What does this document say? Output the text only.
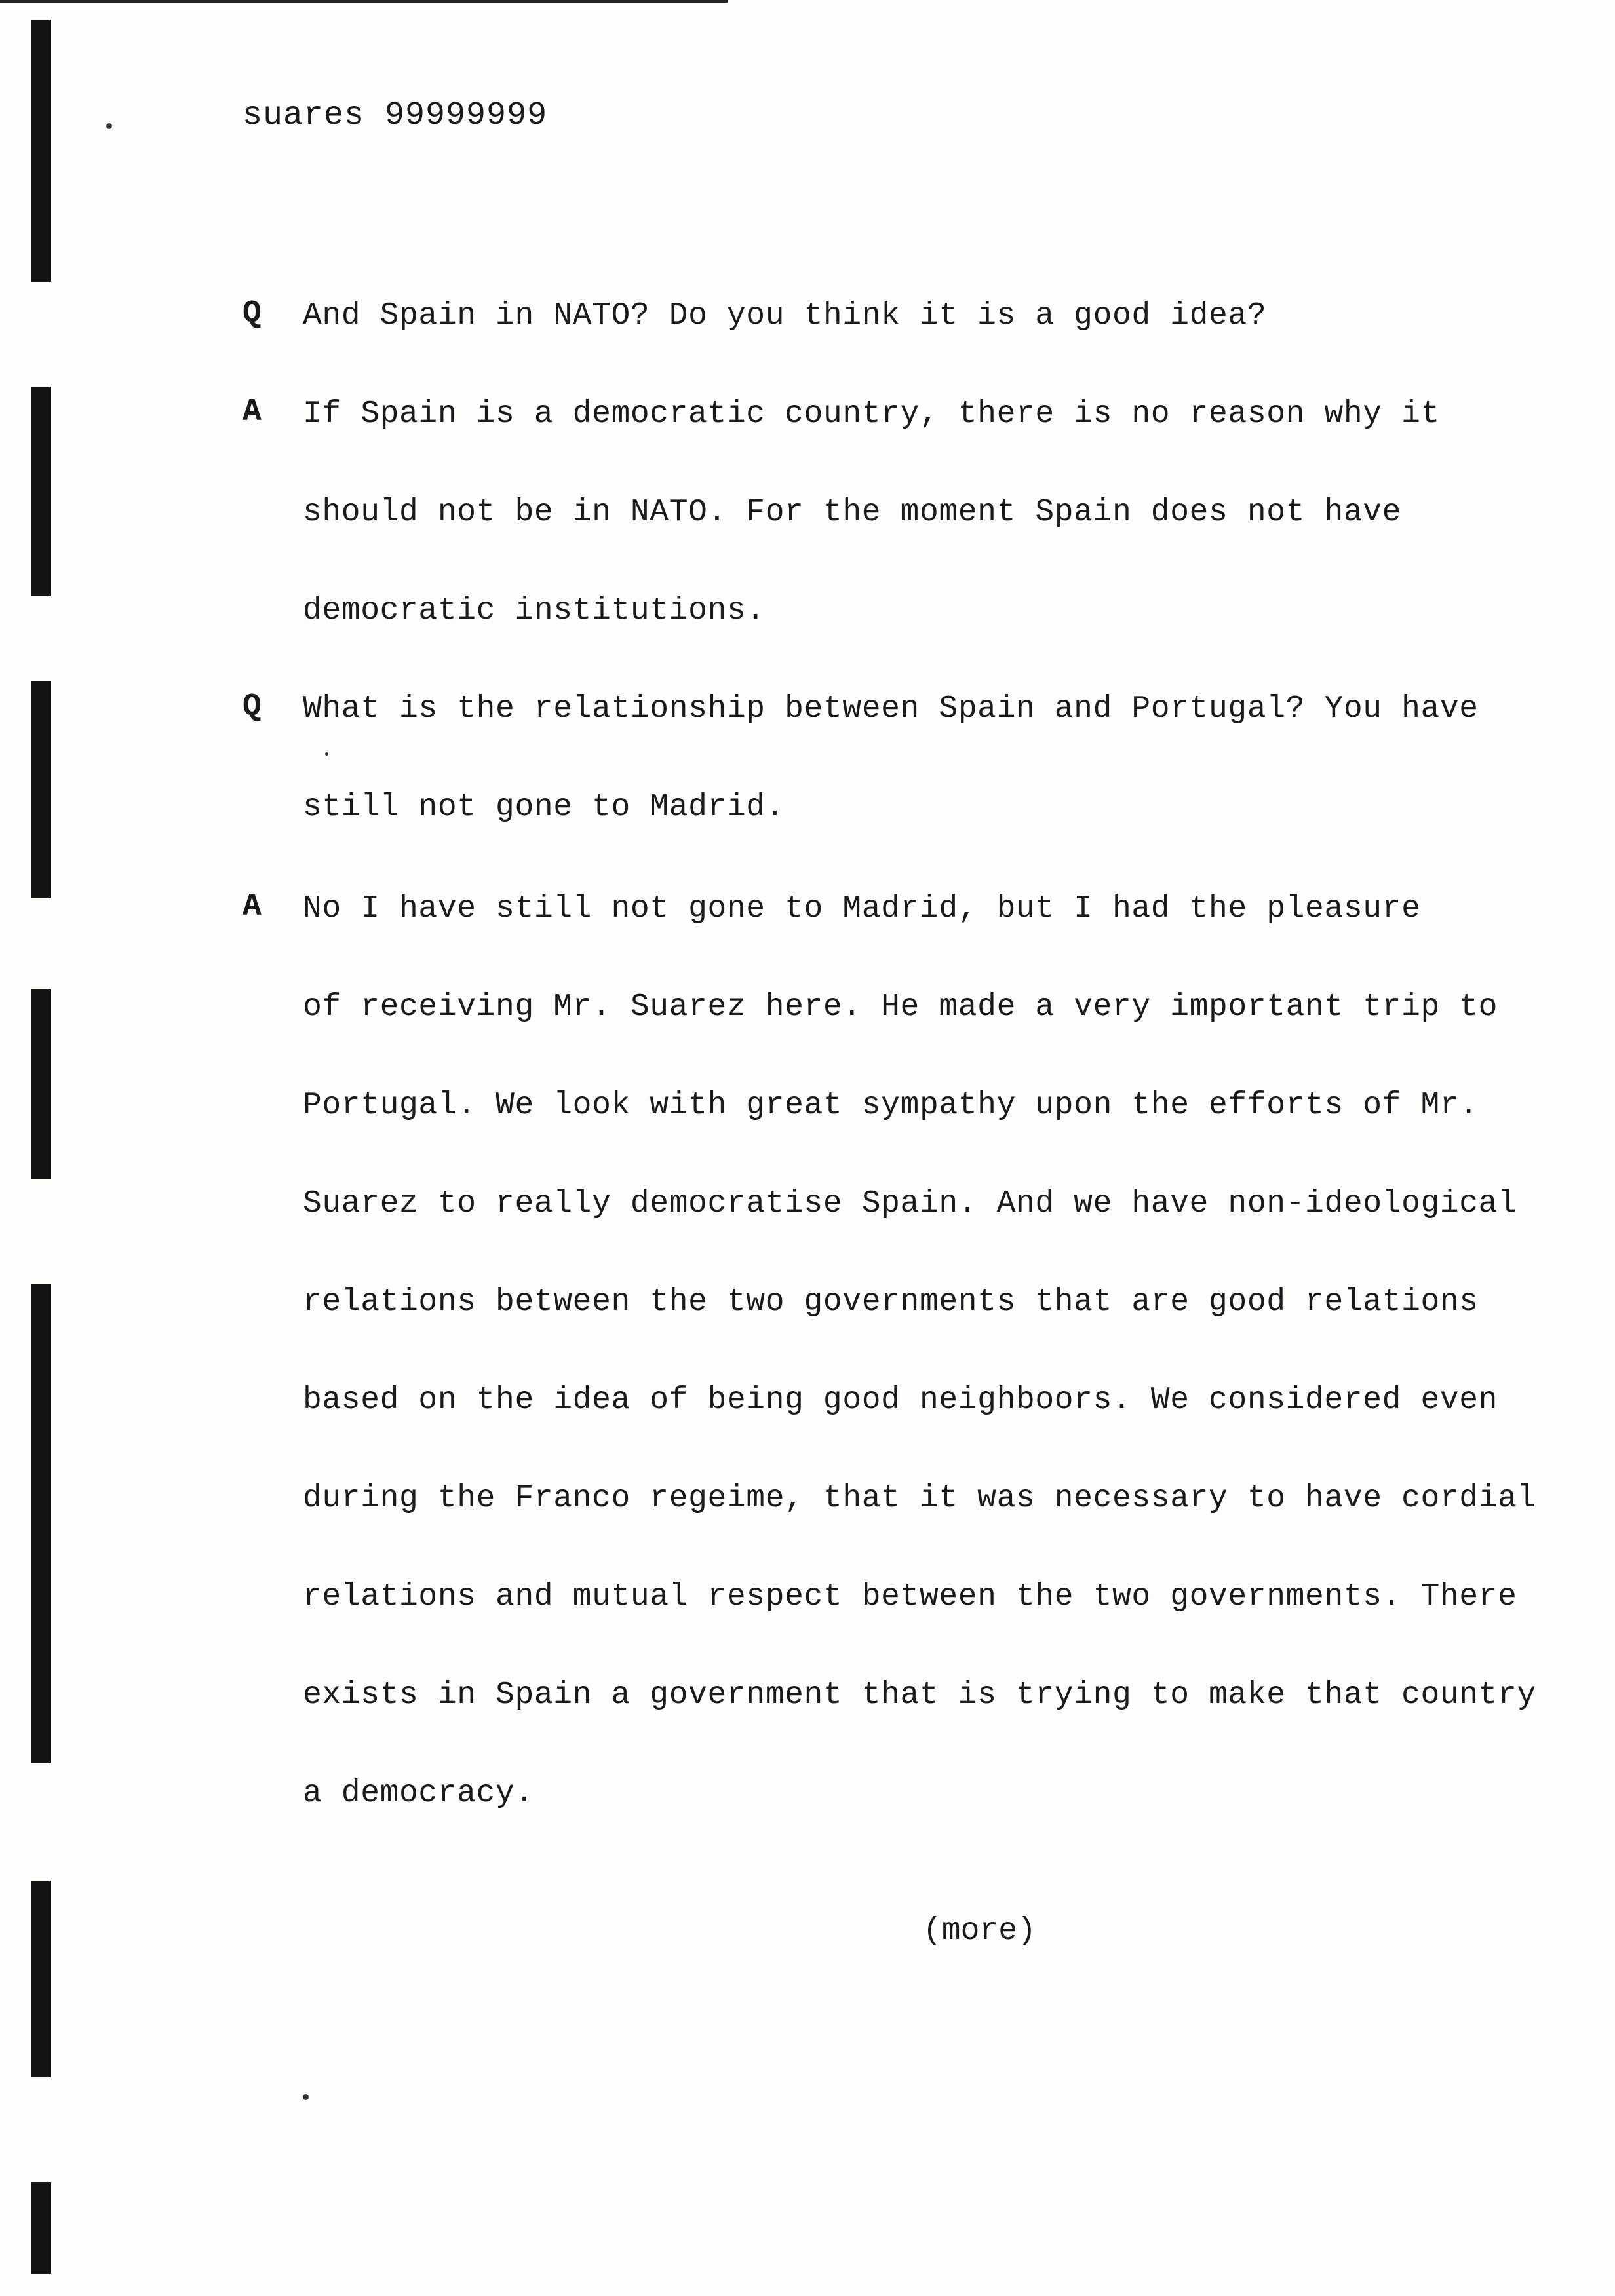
suares 99999999
Q And Spain in NATO? Do you think it is a good idea?
A If Spain is a democratic country, there is no reason why it
should not be in NATO. For the moment Spain does not have
democratic institutions.
Q What is the relationship between Spain and Portugal? You have
still not gone to Madrid.
A No I have still not gone to Madrid, but I had the pleasure
of receiving Mr. Suarez here. He made a very important trip to
Portugal. We look with great sympathy upon the efforts of Mr.
Suarez to really democratise Spain. And we have non-ideological
relations between the two governments that are good relations
based on the idea of being good neighboors. We considered even
during the Franco regeime, that it was necessary to have cordial
relations and mutual respect between the two governments. There
exists in Spain a government that is trying to make that country
a democracy.
(more)
